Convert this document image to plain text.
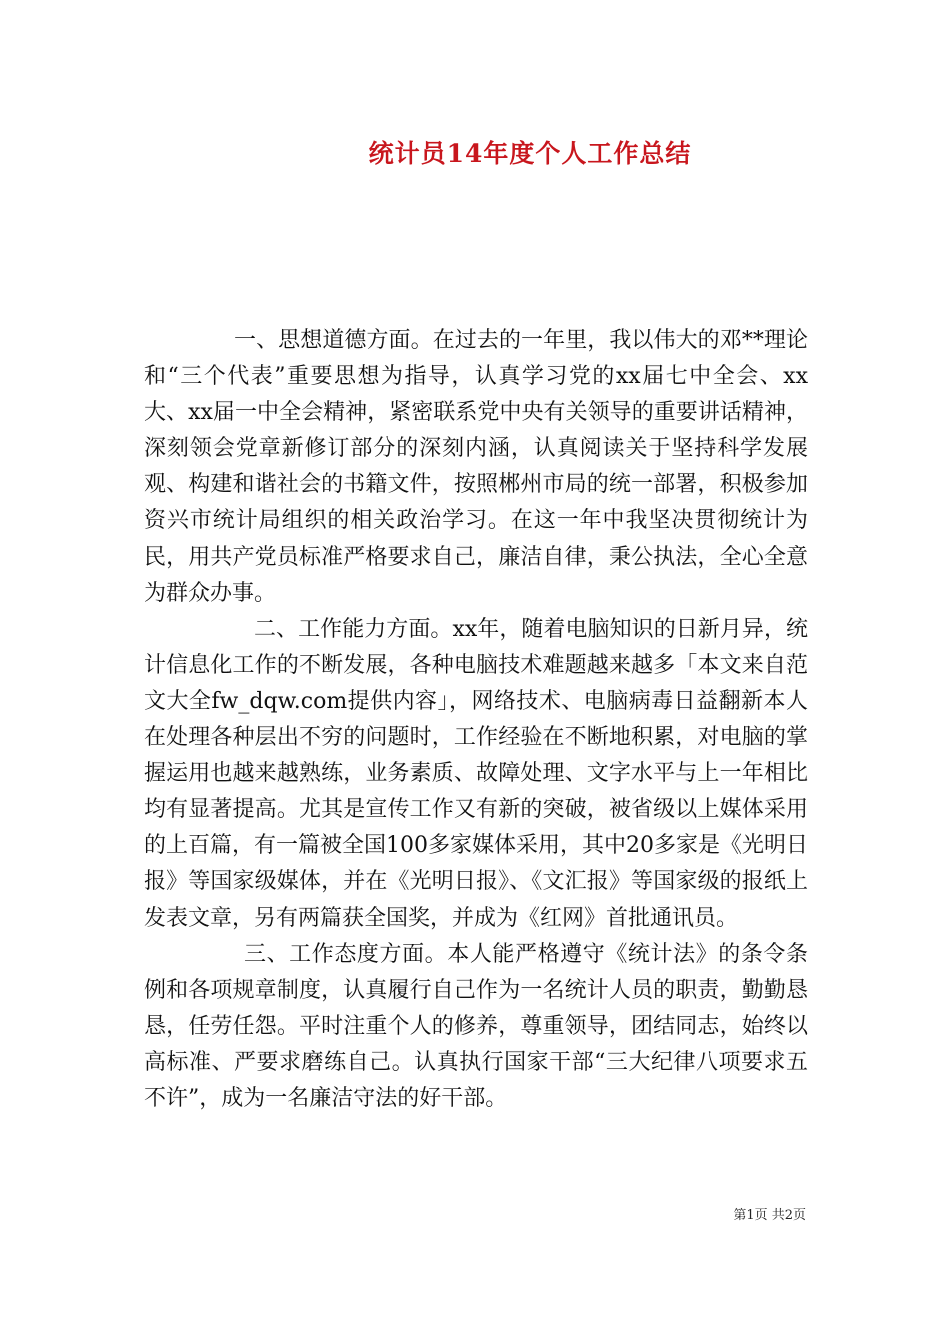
统计员14年度个人工作总结

一、思想道德方面。在过去的一年里，我以伟大的邓**理论和“三个代表”重要思想为指导，认真学习党的xx届七中全会、xx大、xx届一中全会精神，紧密联系党中央有关领导的重要讲话精神，深刻领会党章新修订部分的深刻内涵，认真阅读关于坚持科学发展观、构建和谐社会的书籍文件，按照郴州市局的统一部署，积极参加资兴市统计局组织的相关政治学习。在这一年中我坚决贯彻统计为民，用共产党员标准严格要求自己，廉洁自律，秉公执法，全心全意为群众办事。

二、工作能力方面。xx年，随着电脑知识的日新月异，统计信息化工作的不断发展，各种电脑技术难题越来越多「本文来自范文大全fw_dqw.com提供内容」，网络技术、电脑病毒日益翻新本人在处理各种层出不穷的问题时，工作经验在不断地积累，对电脑的掌握运用也越来越熟练，业务素质、故障处理、文字水平与上一年相比均有显著提高。尤其是宣传工作又有新的突破，被省级以上媒体采用的上百篇，有一篇被全国100多家媒体采用，其中20多家是《光明日报》等国家级媒体，并在《光明日报》、《文汇报》等国家级的报纸上发表文章，另有两篇获全国奖，并成为《红网》首批通讯员。

三、工作态度方面。本人能严格遵守《统计法》的条令条例和各项规章制度，认真履行自己作为一名统计人员的职责，勤勤恳恳，任劳任怨。平时注重个人的修养，尊重领导，团结同志，始终以高标准、严要求磨练自己。认真执行国家干部“三大纪律八项要求五不许”，成为一名廉洁守法的好干部。

第1页 共2页
